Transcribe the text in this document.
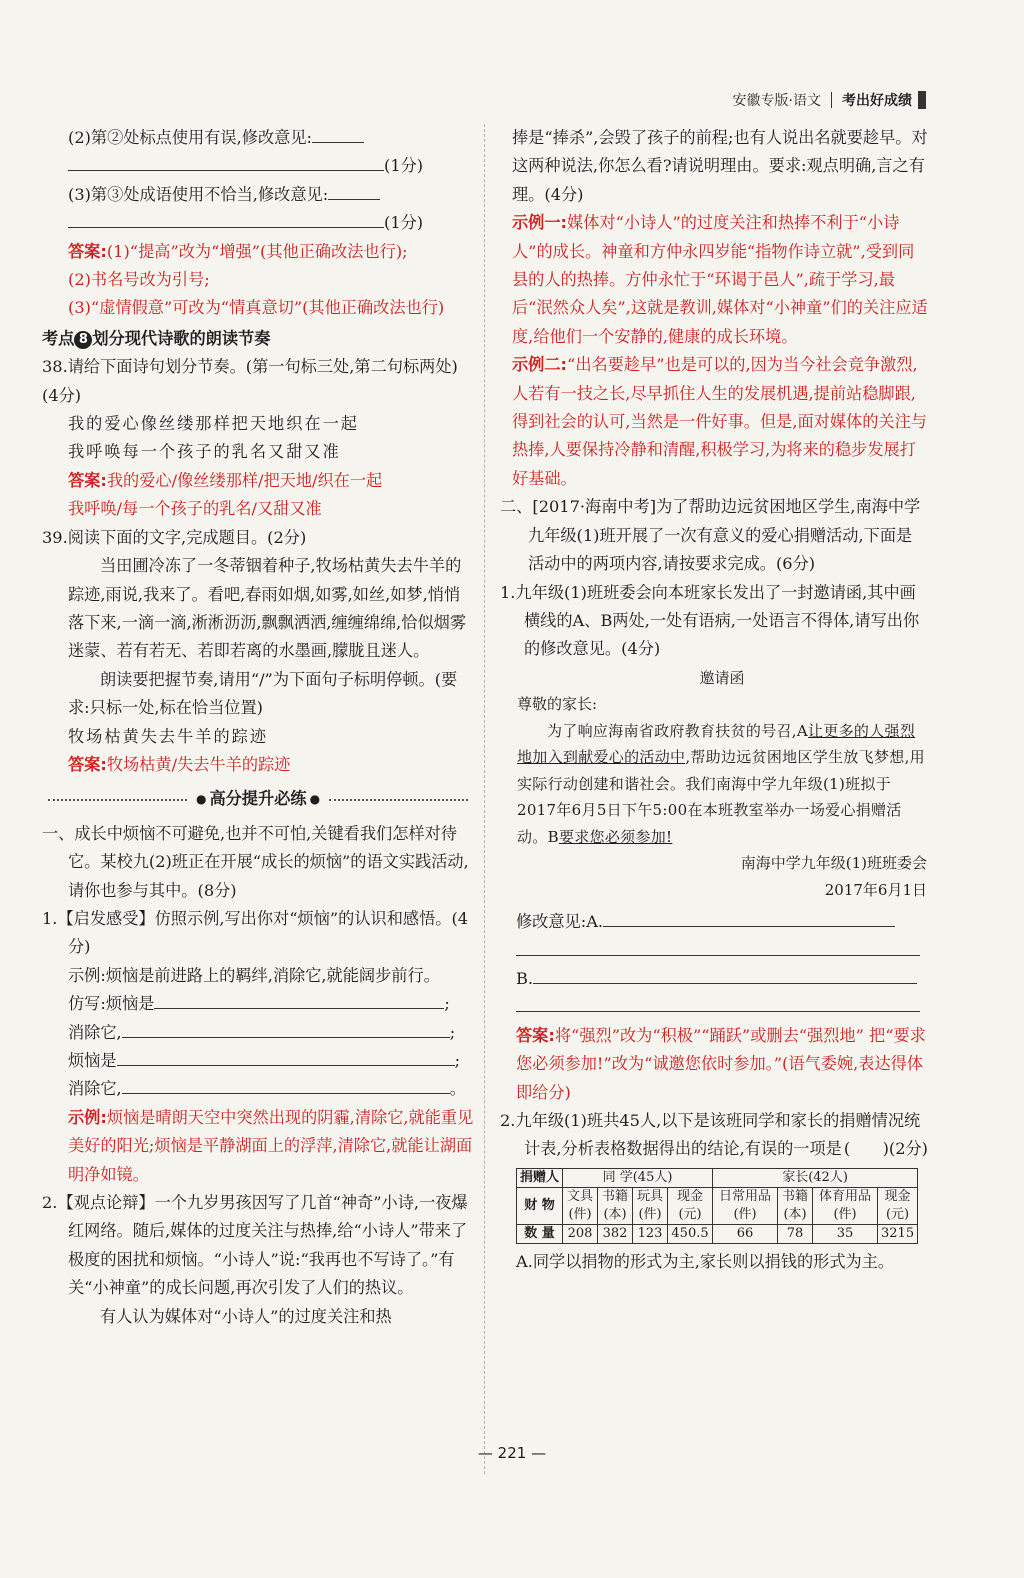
安徽专版·语文 考出好成绩

(2)第②处标点使用有误,修改意见:

(1分)

(3)第③处成语使用不恰当,修改意见:

(1分)

答案:(1)“提高”改为“增强”(其他正确改法也行);

(2)书名号改为引号;

(3)“虚情假意”可改为“情真意切”(其他正确改法也行)

考点 8 划分现代诗歌的朗读节奏

38.请给下面诗句划分节奏。(第一句标三处,第二句标两处)(4分)

我的爱心像丝缕那样把天地织在一起

我呼唤每一个孩子的乳名又甜又准

答案:我的爱心/像丝缕那样/把天地/织在一起

我呼唤/每一个孩子的乳名/又甜又准

39.阅读下面的文字,完成题目。(2分)

当田圃冷冻了一冬蒂铟着种子,牧场枯黄失去牛羊的踪迹,雨说,我来了。看吧,春雨如烟,如雾,如丝,如梦,悄悄落下来,一滴一滴,淅淅沥沥,飘飘洒洒,缠缠绵绵,恰似烟雾迷蒙、若有若无、若即若离的水墨画,朦胧且迷人。

朗读要把握节奏,请用“/”为下面句子标明停顿。(要求:只标一处,标在恰当位置)

牧场枯黄失去牛羊的踪迹

答案:牧场枯黄/失去牛羊的踪迹

● 高分提升必练 ●

一、成长中烦恼不可避免,也并不可怕,关键看我们怎样对待它。某校九(2)班正在开展“成长的烦恼”的语文实践活动,请你也参与其中。(8分)

1.【启发感受】仿照示例,写出你对“烦恼”的认识和感悟。(4分)

示例:烦恼是前进路上的羁绊,消除它,就能阔步前行。

仿写:烦恼是	;

消除它,	;

烦恼是	;

消除它,	。

示例:烦恼是晴朗天空中突然出现的阴霾,清除它,就能重见美好的阳光;烦恼是平静湖面上的浮萍,清除它,就能让湖面明净如镜。

2.【观点论辩】一个九岁男孩因写了几首“神奇”小诗,一夜爆红网络。随后,媒体的过度关注与热捧,给“小诗人”带来了极度的困扰和烦恼。“小诗人”说:“我再也不写诗了。”有关“小神童”的成长问题,再次引发了人们的热议。

有人认为媒体对“小诗人”的过度关注和热

捧是“捧杀”,会毁了孩子的前程;也有人说出名就要趁早。对这两种说法,你怎么看?请说明理由。要求:观点明确,言之有理。(4分)

示例一:媒体对“小诗人”的过度关注和热捧不利于“小诗人”的成长。神童和方仲永四岁能“指物作诗立就”,受到同县的人的热捧。方仲永忙于“环谒于邑人”,疏于学习,最后“泯然众人矣”,这就是教训,媒体对“小神童”们的关注应适度,给他们一个安静的,健康的成长环境。

示例二:“出名要趁早”也是可以的,因为当今社会竞争激烈,人若有一技之长,尽早抓住人生的发展机遇,提前站稳脚跟,得到社会的认可,当然是一件好事。但是,面对媒体的关注与热捧,人要保持冷静和清醒,积极学习,为将来的稳步发展打好基础。

二、[2017·海南中考]为了帮助边远贫困地区学生,南海中学九年级(1)班开展了一次有意义的爱心捐赠活动,下面是活动中的两项内容,请按要求完成。(6分)

1.九年级(1)班班委会向本班家长发出了一封邀请函,其中画横线的A、B两处,一处有语病,一处语言不得体,请写出你的修改意见。(4分)

邀请函

尊敬的家长:

为了响应海南省政府教育扶贫的号召,A让更多的人强烈地加入到献爱心的活动中,帮助边远贫困地区学生放飞梦想,用实际行动创建和谐社会。我们南海中学九年级(1)班拟于2017年6月5日下午5:00在本班教室举办一场爱心捐赠活动。B要求您必须参加!

南海中学九年级(1)班班委会

2017年6月1日

修改意见:A.

B.

答案:将“强烈”改为“积极”“踊跃”或删去“强烈地” 把“要求您必须参加!”改为“诚邀您依时参加。”(语气委婉,表达得体即给分)

2.九年级(1)班共45人,以下是该班同学和家长的捐赠情况统计表,分析表格数据得出的结论,有误的一项是 (　　)(2分)

捐赠人	同 学(45人)				家长(42人)			
财 物	文具(件)	书籍(本)	玩具(件)	现金(元)	日常用品(件)	书籍(本)	体育用品(件)	现金(元)
数 量	208	382	123	450.5	66	78	35	3215

A.同学以捐物的形式为主,家长则以捐钱的形式为主。

— 221 —
